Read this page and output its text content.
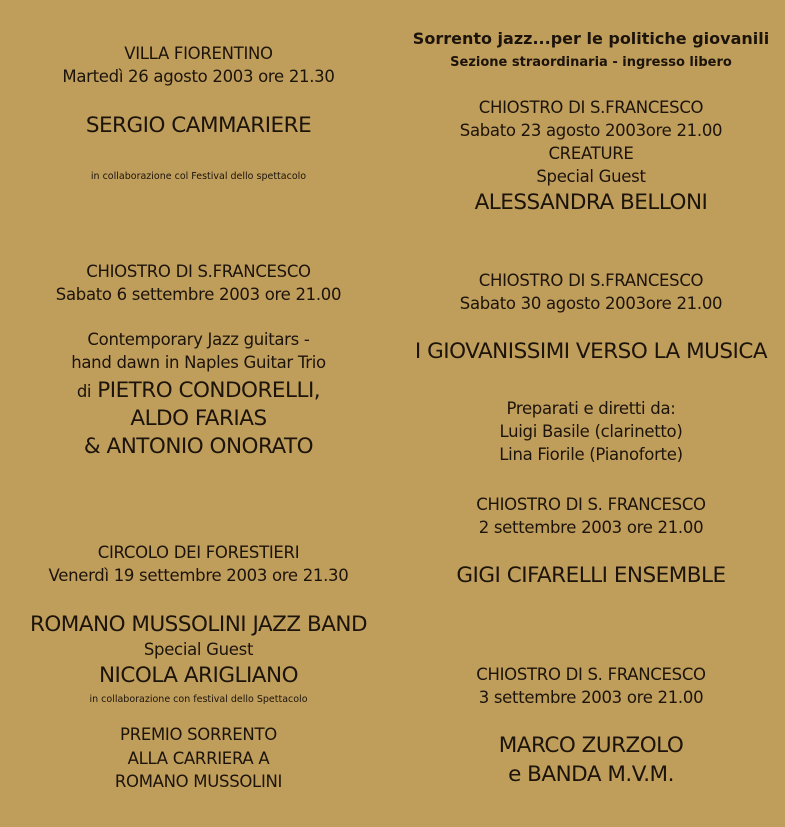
VILLA FIORENTINO
Martedì 26 agosto 2003 ore 21.30
SERGIO CAMMARIERE
in collaborazione col Festival dello spettacolo
CHIOSTRO DI S.FRANCESCO
Sabato 6 settembre 2003 ore 21.00
Contemporary Jazz guitars -
hand dawn in Naples Guitar Trio
di PIETRO CONDORELLI,
ALDO FARIAS
& ANTONIO ONORATO
CIRCOLO DEI FORESTIERI
Venerdì 19 settembre 2003 ore 21.30
ROMANO MUSSOLINI JAZZ BAND
Special Guest
NICOLA ARIGLIANO
in collaborazione con festival dello Spettacolo
PREMIO SORRENTO
ALLA CARRIERA A
ROMANO MUSSOLINI
Sorrento jazz...per le politiche giovanili
Sezione straordinaria - ingresso libero
CHIOSTRO DI S.FRANCESCO
Sabato 23 agosto 2003ore 21.00
CREATURE
Special Guest
ALESSANDRA BELLONI
CHIOSTRO DI S.FRANCESCO
Sabato 30 agosto 2003ore 21.00
I GIOVANISSIMI VERSO LA MUSICA
Preparati e diretti da:
Luigi Basile (clarinetto)
Lina Fiorile (Pianoforte)
CHIOSTRO DI S. FRANCESCO
2 settembre 2003 ore 21.00
GIGI CIFARELLI ENSEMBLE
CHIOSTRO DI S. FRANCESCO
3 settembre 2003 ore 21.00
MARCO ZURZOLO
e BANDA M.V.M.
